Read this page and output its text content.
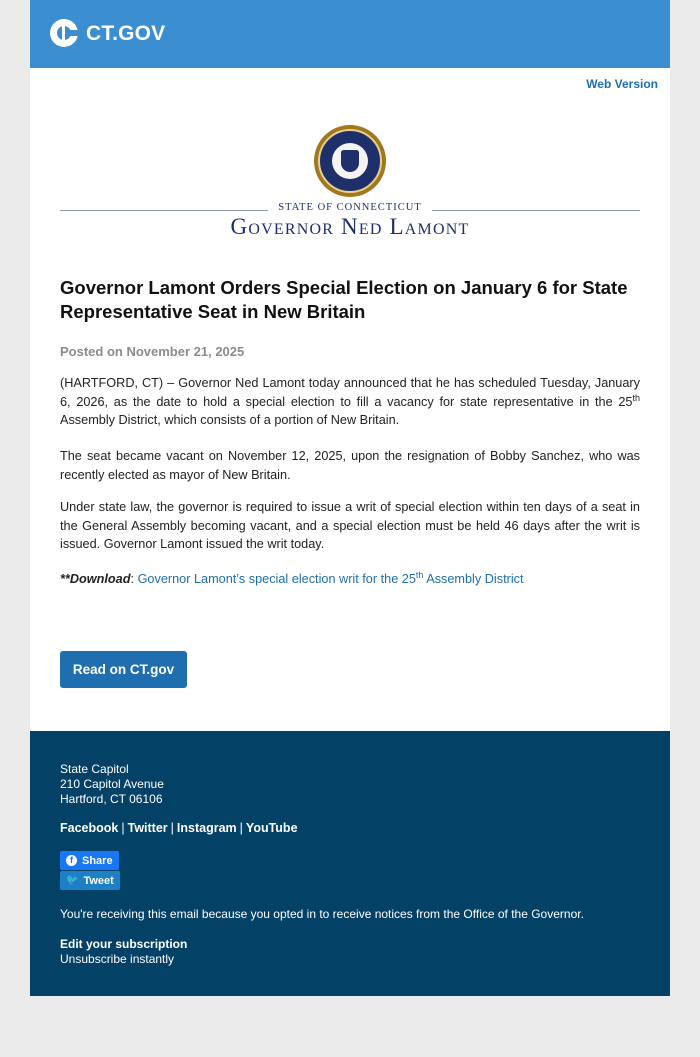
CT.GOV
Web Version
STATE OF CONNECTICUT
Governor Ned Lamont
Governor Lamont Orders Special Election on January 6 for State Representative Seat in New Britain
Posted on November 21, 2025

(HARTFORD, CT) – Governor Ned Lamont today announced that he has scheduled Tuesday, January 6, 2026, as the date to hold a special election to fill a vacancy for state representative in the 25th Assembly District, which consists of a portion of New Britain.

The seat became vacant on November 12, 2025, upon the resignation of Bobby Sanchez, who was recently elected as mayor of New Britain.

Under state law, the governor is required to issue a writ of special election within ten days of a seat in the General Assembly becoming vacant, and a special election must be held 46 days after the writ is issued. Governor Lamont issued the writ today.

**Download: Governor Lamont’s special election writ for the 25th Assembly District
Read on CT.gov
State Capitol
210 Capitol Avenue
Hartford, CT 06106
Facebook | Twitter | Instagram | YouTube
f Share
🐦 Tweet
You're receiving this email because you opted in to receive notices from the Office of the Governor.
Edit your subscription
Unsubscribe instantly
